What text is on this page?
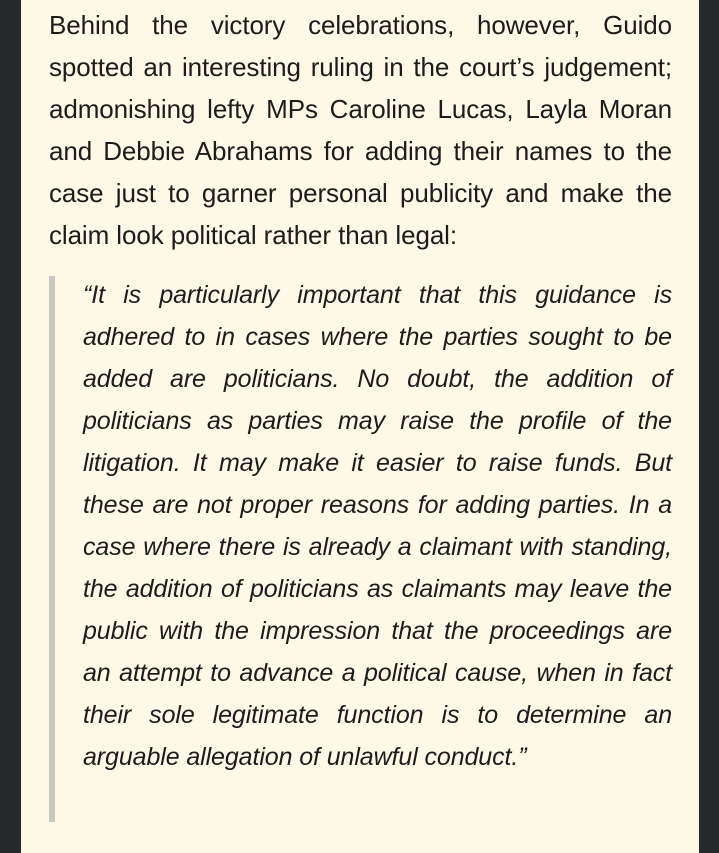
Behind the victory celebrations, however, Guido spotted an interesting ruling in the court’s judgement; admonishing lefty MPs Caroline Lucas, Layla Moran and Debbie Abrahams for adding their names to the case just to garner personal publicity and make the claim look political rather than legal:

“It is particularly important that this guidance is adhered to in cases where the parties sought to be added are politicians. No doubt, the addition of politicians as parties may raise the profile of the litigation. It may make it easier to raise funds. But these are not proper reasons for adding parties. In a case where there is already a claimant with standing, the addition of politicians as claimants may leave the public with the impression that the proceedings are an attempt to advance a political cause, when in fact their sole legitimate function is to determine an arguable allegation of unlawful conduct.”
